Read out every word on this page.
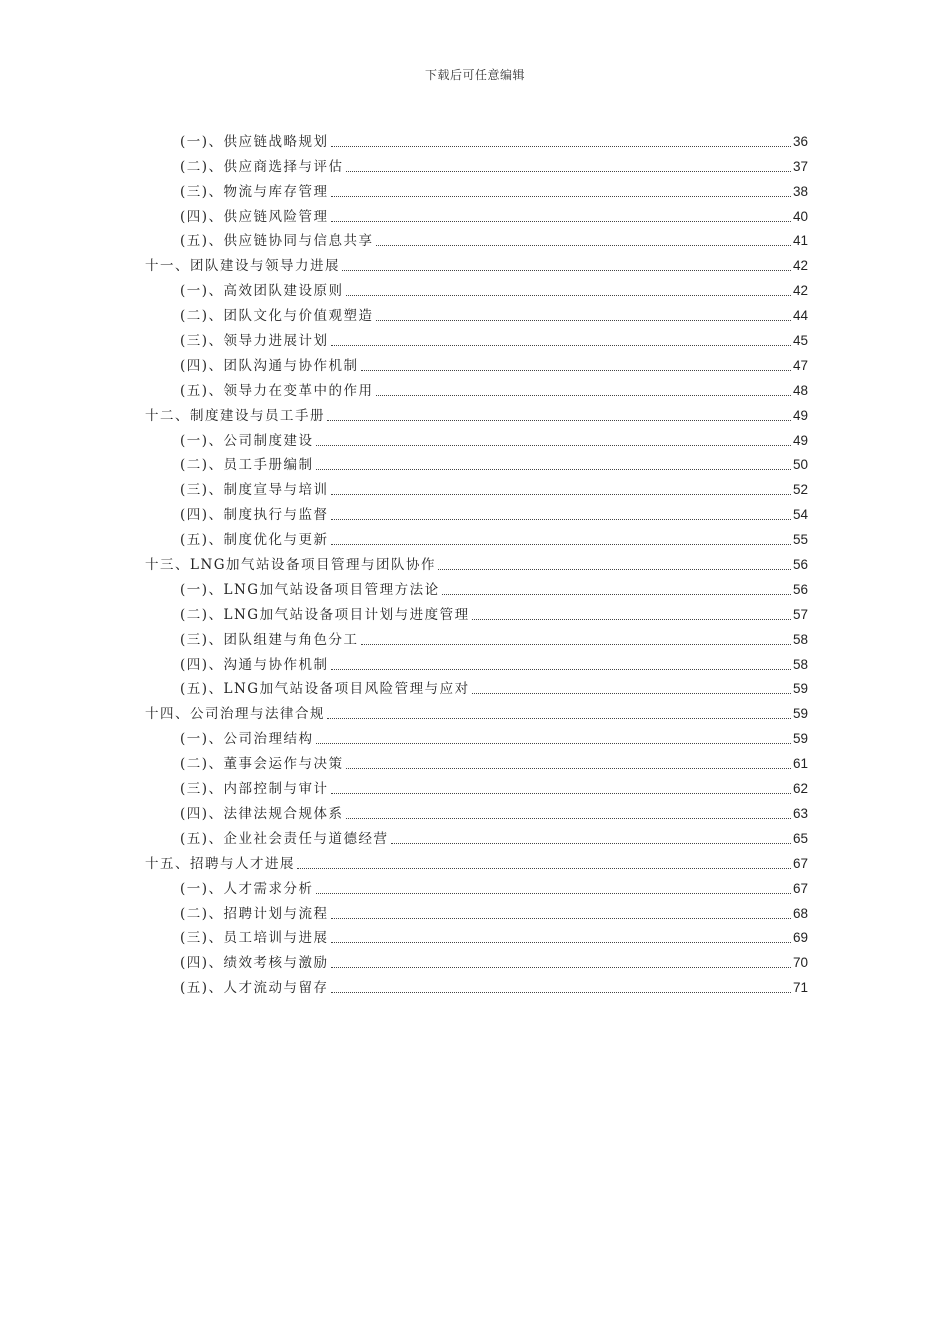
下载后可任意编辑
(一)、供应链战略规划	36
(二)、供应商选择与评估	37
(三)、物流与库存管理	38
(四)、供应链风险管理	40
(五)、供应链协同与信息共享	41
十一、团队建设与领导力进展	42
(一)、高效团队建设原则	42
(二)、团队文化与价值观塑造	44
(三)、领导力进展计划	45
(四)、团队沟通与协作机制	47
(五)、领导力在变革中的作用	48
十二、制度建设与员工手册	49
(一)、公司制度建设	49
(二)、员工手册编制	50
(三)、制度宣导与培训	52
(四)、制度执行与监督	54
(五)、制度优化与更新	55
十三、LNG加气站设备项目管理与团队协作	56
(一)、LNG加气站设备项目管理方法论	56
(二)、LNG加气站设备项目计划与进度管理	57
(三)、团队组建与角色分工	58
(四)、沟通与协作机制	58
(五)、LNG加气站设备项目风险管理与应对	59
十四、公司治理与法律合规	59
(一)、公司治理结构	59
(二)、董事会运作与决策	61
(三)、内部控制与审计	62
(四)、法律法规合规体系	63
(五)、企业社会责任与道德经营	65
十五、招聘与人才进展	67
(一)、人才需求分析	67
(二)、招聘计划与流程	68
(三)、员工培训与进展	69
(四)、绩效考核与激励	70
(五)、人才流动与留存	71
